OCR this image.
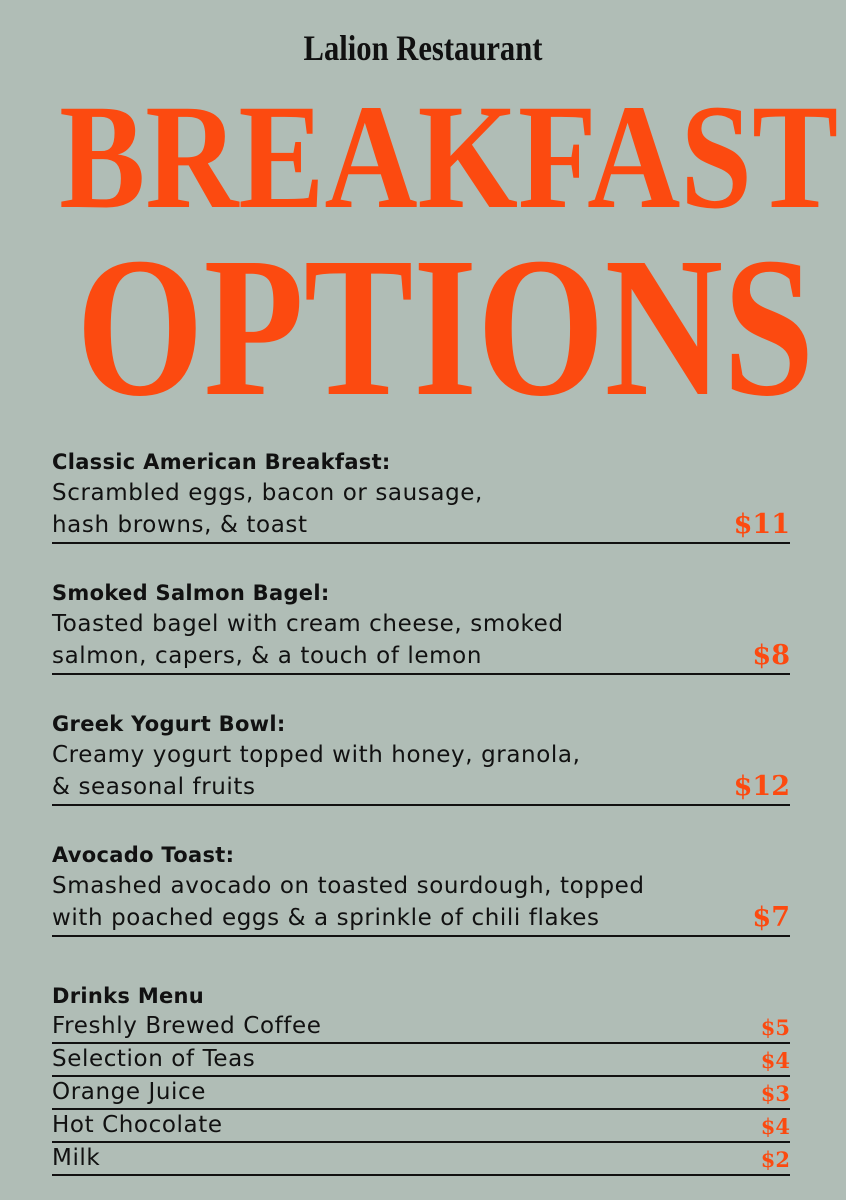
Lalion Restaurant
BREAKFAST
OPTIONS
Classic American Breakfast:
Scrambled eggs, bacon or sausage,
hash browns, & toast	$11
Smoked Salmon Bagel:
Toasted bagel with cream cheese, smoked
salmon, capers, & a touch of lemon	$8
Greek Yogurt Bowl:
Creamy yogurt topped with honey, granola,
& seasonal fruits	$12
Avocado Toast:
Smashed avocado on toasted sourdough, topped
with poached eggs & a sprinkle of chili flakes	$7
Drinks Menu
Freshly Brewed Coffee	$5
Selection of Teas	$4
Orange Juice	$3
Hot Chocolate	$4
Milk	$2
